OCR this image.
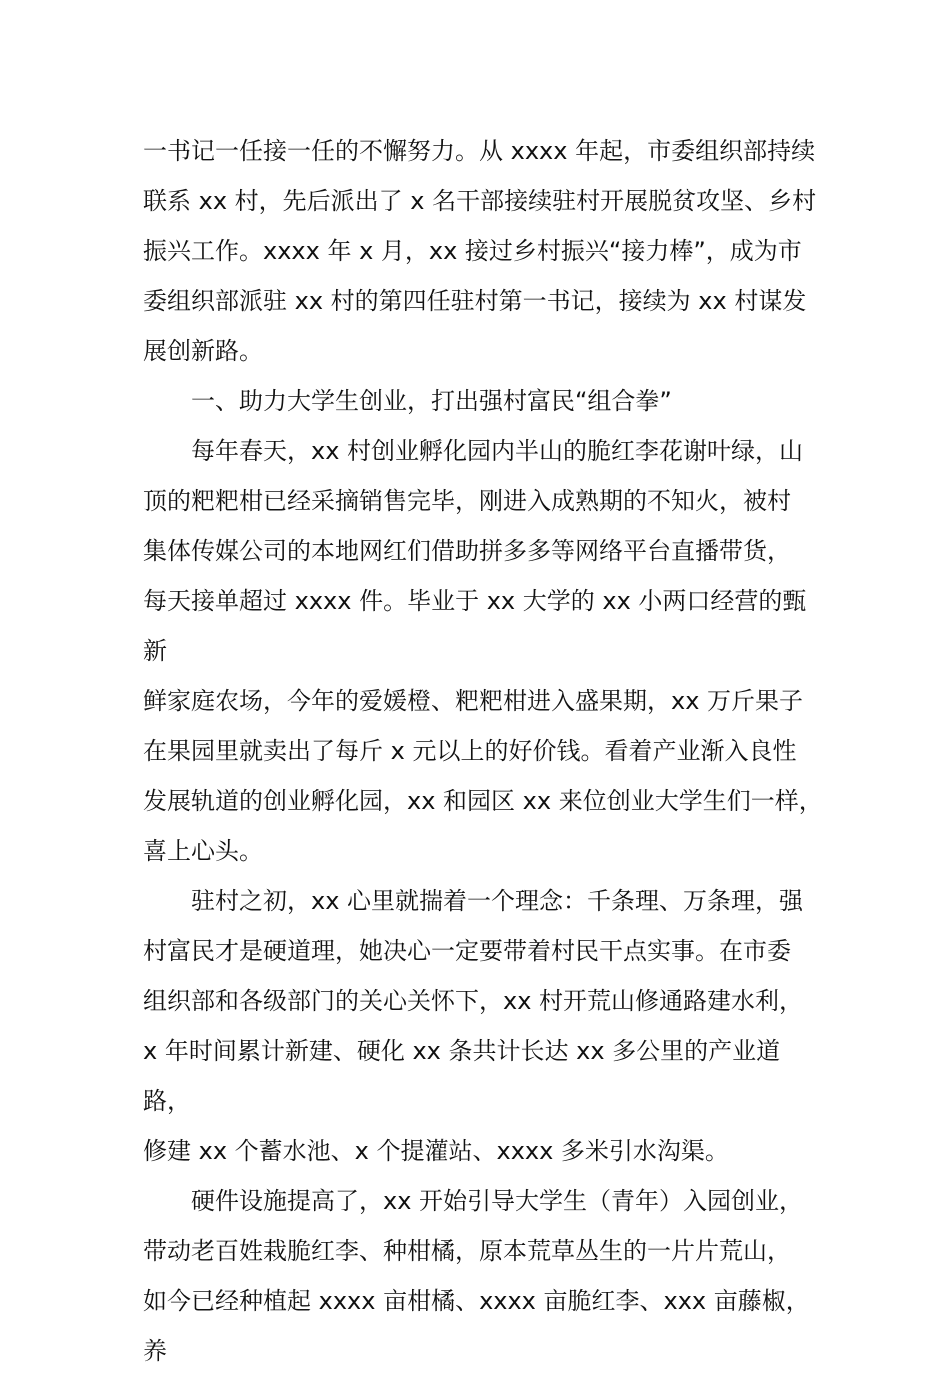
一书记一任接一任的不懈努力。从 xxxx 年起，市委组织部持续
联系 xx 村，先后派出了 x 名干部接续驻村开展脱贫攻坚、乡村
振兴工作。xxxx 年 x 月，xx 接过乡村振兴“接力棒”，成为市
委组织部派驻 xx 村的第四任驻村第一书记，接续为 xx 村谋发
展创新路。

一、助力大学生创业，打出强村富民“组合拳”

每年春天，xx 村创业孵化园内半山的脆红李花谢叶绿，山
顶的粑粑柑已经采摘销售完毕，刚进入成熟期的不知火，被村
集体传媒公司的本地网红们借助拼多多等网络平台直播带货，
每天接单超过 xxxx 件。毕业于 xx 大学的 xx 小两口经营的甄新
鲜家庭农场，今年的爱媛橙、粑粑柑进入盛果期，xx 万斤果子
在果园里就卖出了每斤 x 元以上的好价钱。看着产业渐入良性
发展轨道的创业孵化园，xx 和园区 xx 来位创业大学生们一样，
喜上心头。

驻村之初，xx 心里就揣着一个理念：千条理、万条理，强
村富民才是硬道理，她决心一定要带着村民干点实事。在市委
组织部和各级部门的关心关怀下，xx 村开荒山修通路建水利，
x 年时间累计新建、硬化 xx 条共计长达 xx 多公里的产业道路，
修建 xx 个蓄水池、x 个提灌站、xxxx 多米引水沟渠。

硬件设施提高了，xx 开始引导大学生（青年）入园创业，
带动老百姓栽脆红李、种柑橘，原本荒草丛生的一片片荒山，
如今已经种植起 xxxx 亩柑橘、xxxx 亩脆红李、xxx 亩藤椒，养
